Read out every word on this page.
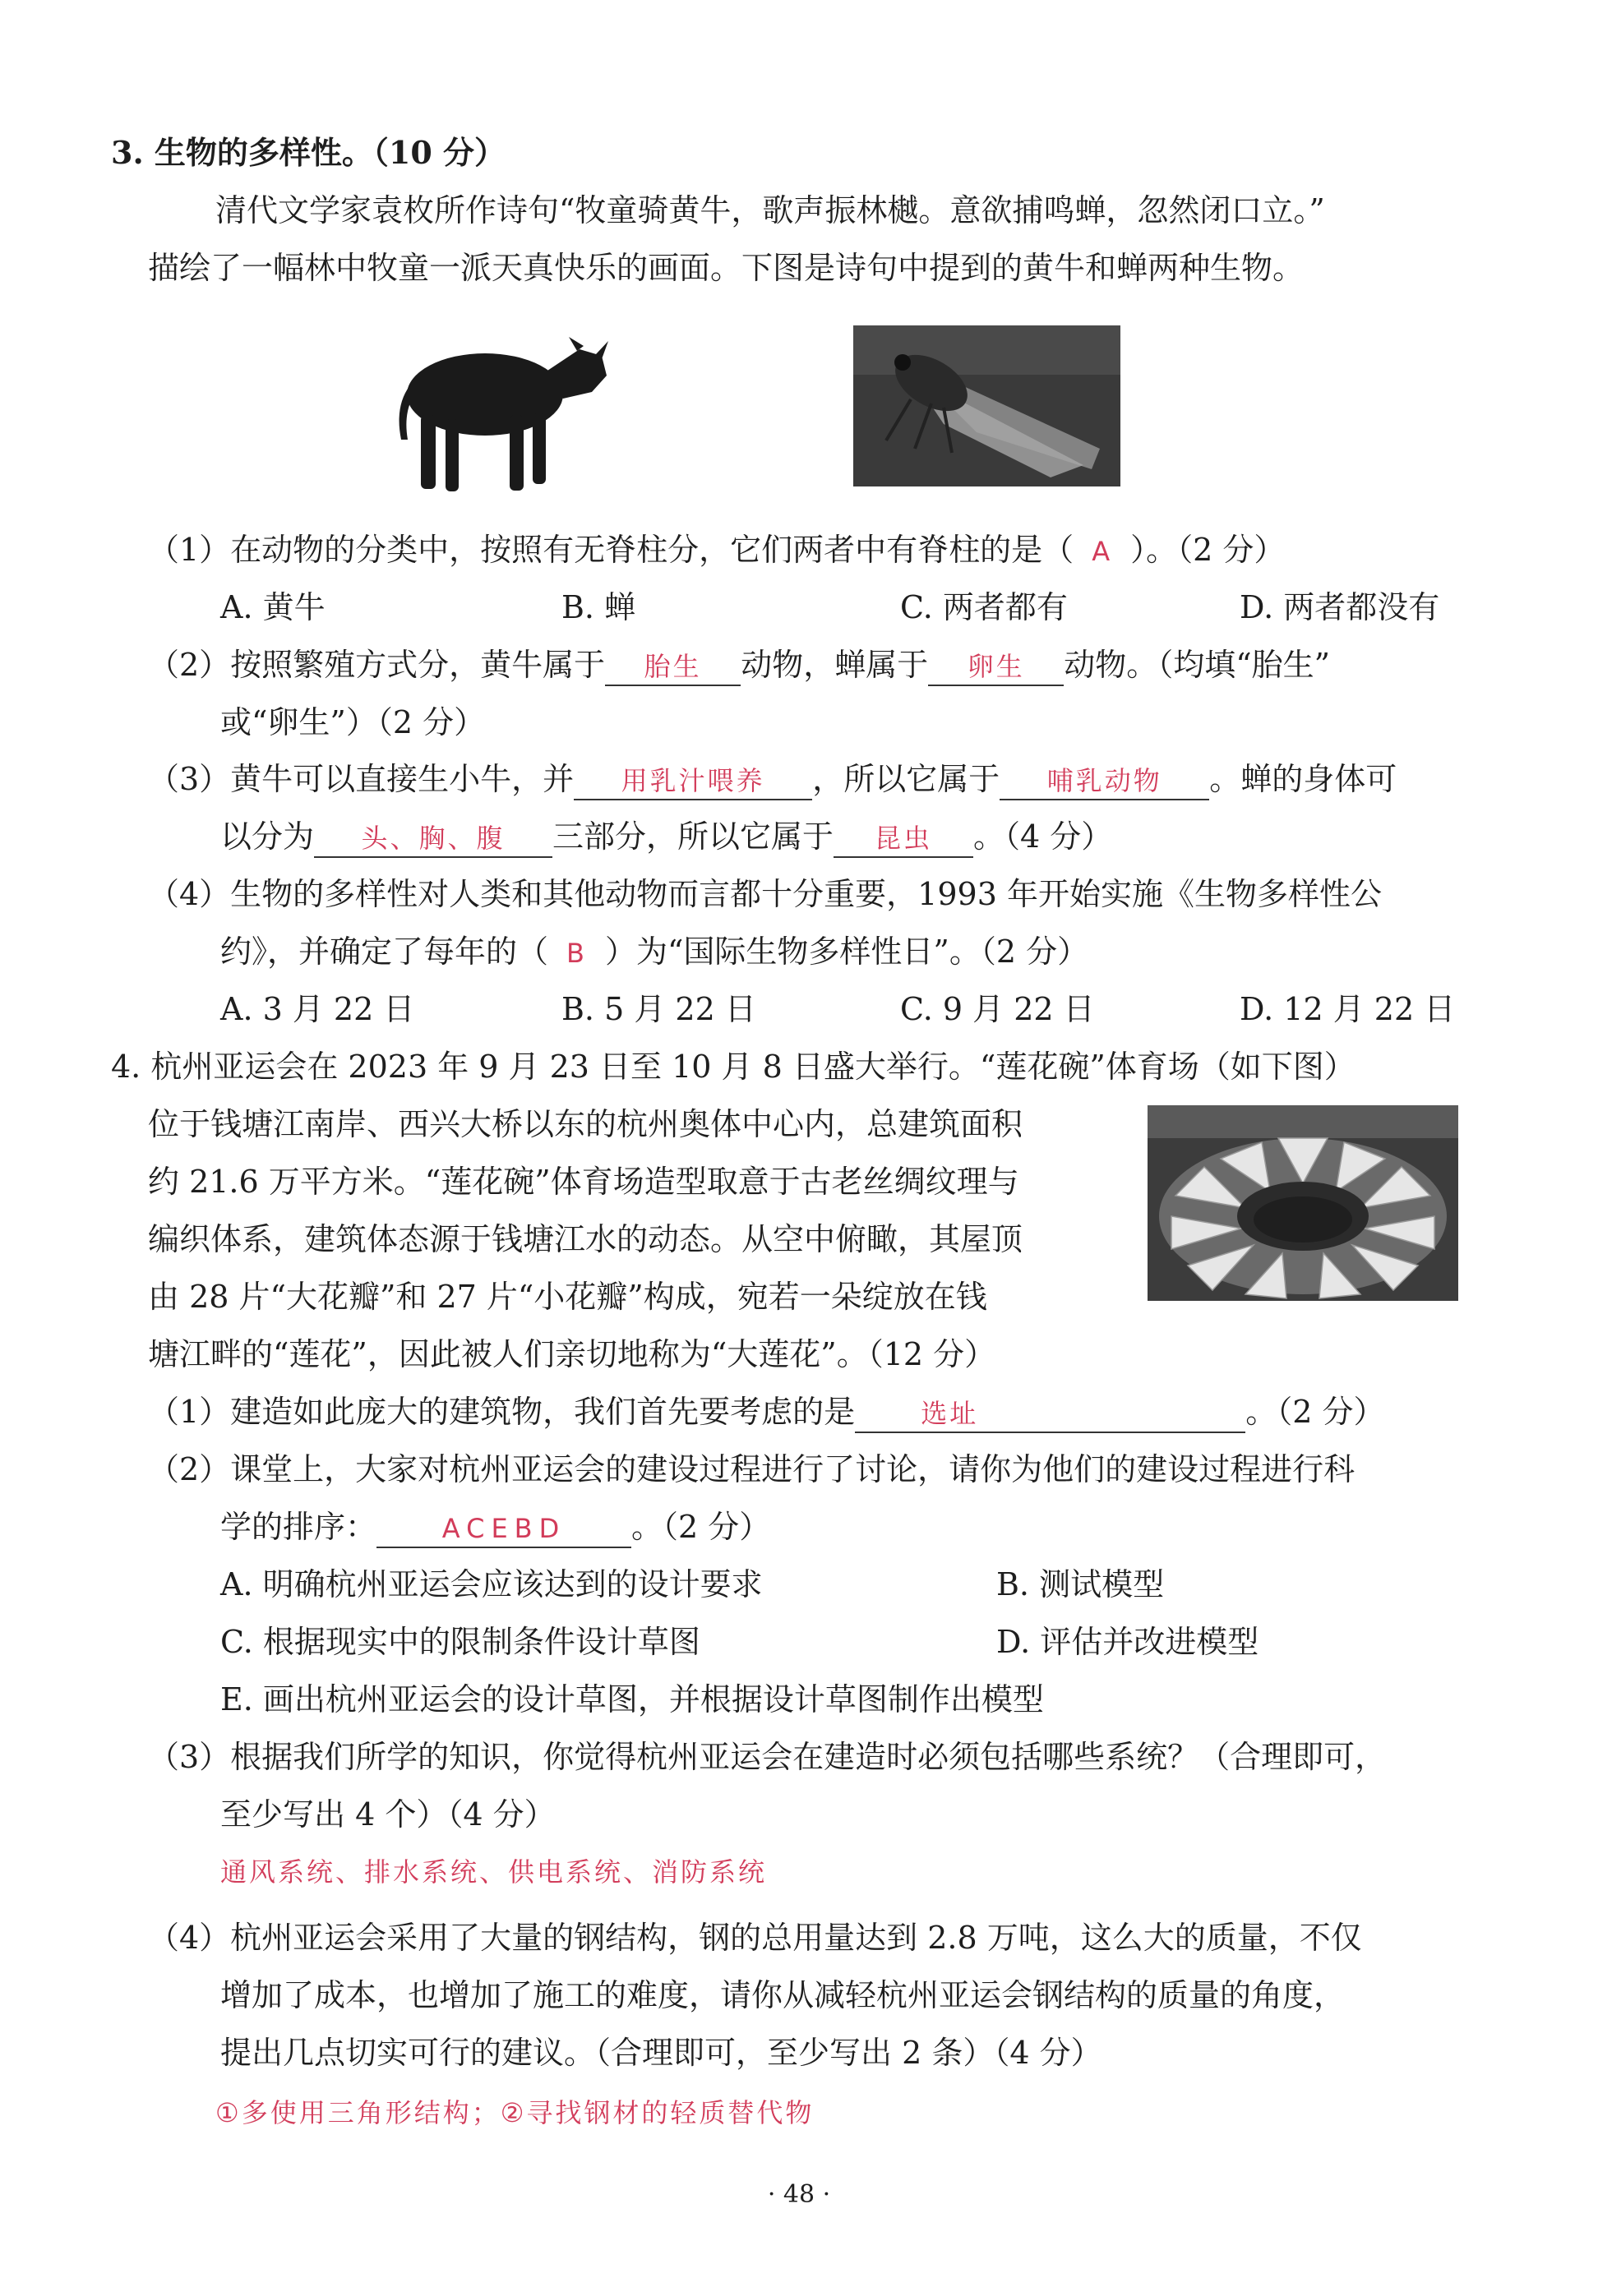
3. 生物的多样性。（10 分）
清代文学家袁枚所作诗句“牧童骑黄牛，歌声振林樾。意欲捕鸣蝉，忽然闭口立。”
描绘了一幅林中牧童一派天真快乐的画面。下图是诗句中提到的黄牛和蝉两种生物。
（1）在动物的分类中，按照有无脊柱分，它们两者中有脊柱的是（ A ）。（2 分）
A. 黄牛	B. 蝉	C. 两者都有	D. 两者都没有
（2）按照繁殖方式分，黄牛属于 胎生 动物，蝉属于 卵生 动物。（均填“胎生”
或“卵生”）（2 分）
（3）黄牛可以直接生小牛，并 用乳汁喂养 ，所以它属于 哺乳动物 。蝉的身体可
以分为 头、胸、腹 三部分，所以它属于 昆虫 。（4 分）
（4）生物的多样性对人类和其他动物而言都十分重要，1993 年开始实施《生物多样性公
约》，并确定了每年的（ B ）为“国际生物多样性日”。（2 分）
A. 3 月 22 日	B. 5 月 22 日	C. 9 月 22 日	D. 12 月 22 日
4. 杭州亚运会在 2023 年 9 月 23 日至 10 月 8 日盛大举行。“莲花碗”体育场（如下图）
位于钱塘江南岸、西兴大桥以东的杭州奥体中心内，总建筑面积
约 21.6 万平方米。“莲花碗”体育场造型取意于古老丝绸纹理与
编织体系，建筑体态源于钱塘江水的动态。从空中俯瞰，其屋顶
由 28 片“大花瓣”和 27 片“小花瓣”构成，宛若一朵绽放在钱
塘江畔的“莲花”，因此被人们亲切地称为“大莲花”。（12 分）
（1）建造如此庞大的建筑物，我们首先要考虑的是	选址	。（2 分）
（2）课堂上，大家对杭州亚运会的建设过程进行了讨论，请你为他们的建设过程进行科
学的排序： ACEBD 。（2 分）
A. 明确杭州亚运会应该达到的设计要求	B. 测试模型
C. 根据现实中的限制条件设计草图	D. 评估并改进模型
E. 画出杭州亚运会的设计草图，并根据设计草图制作出模型
（3）根据我们所学的知识，你觉得杭州亚运会在建造时必须包括哪些系统？（合理即可，
至少写出 4 个）（4 分）
通风系统、排水系统、供电系统、消防系统
（4）杭州亚运会采用了大量的钢结构，钢的总用量达到 2.8 万吨，这么大的质量，不仅
增加了成本，也增加了施工的难度，请你从减轻杭州亚运会钢结构的质量的角度，
提出几点切实可行的建议。（合理即可，至少写出 2 条）（4 分）
①多使用三角形结构；②寻找钢材的轻质替代物
· 48 ·
